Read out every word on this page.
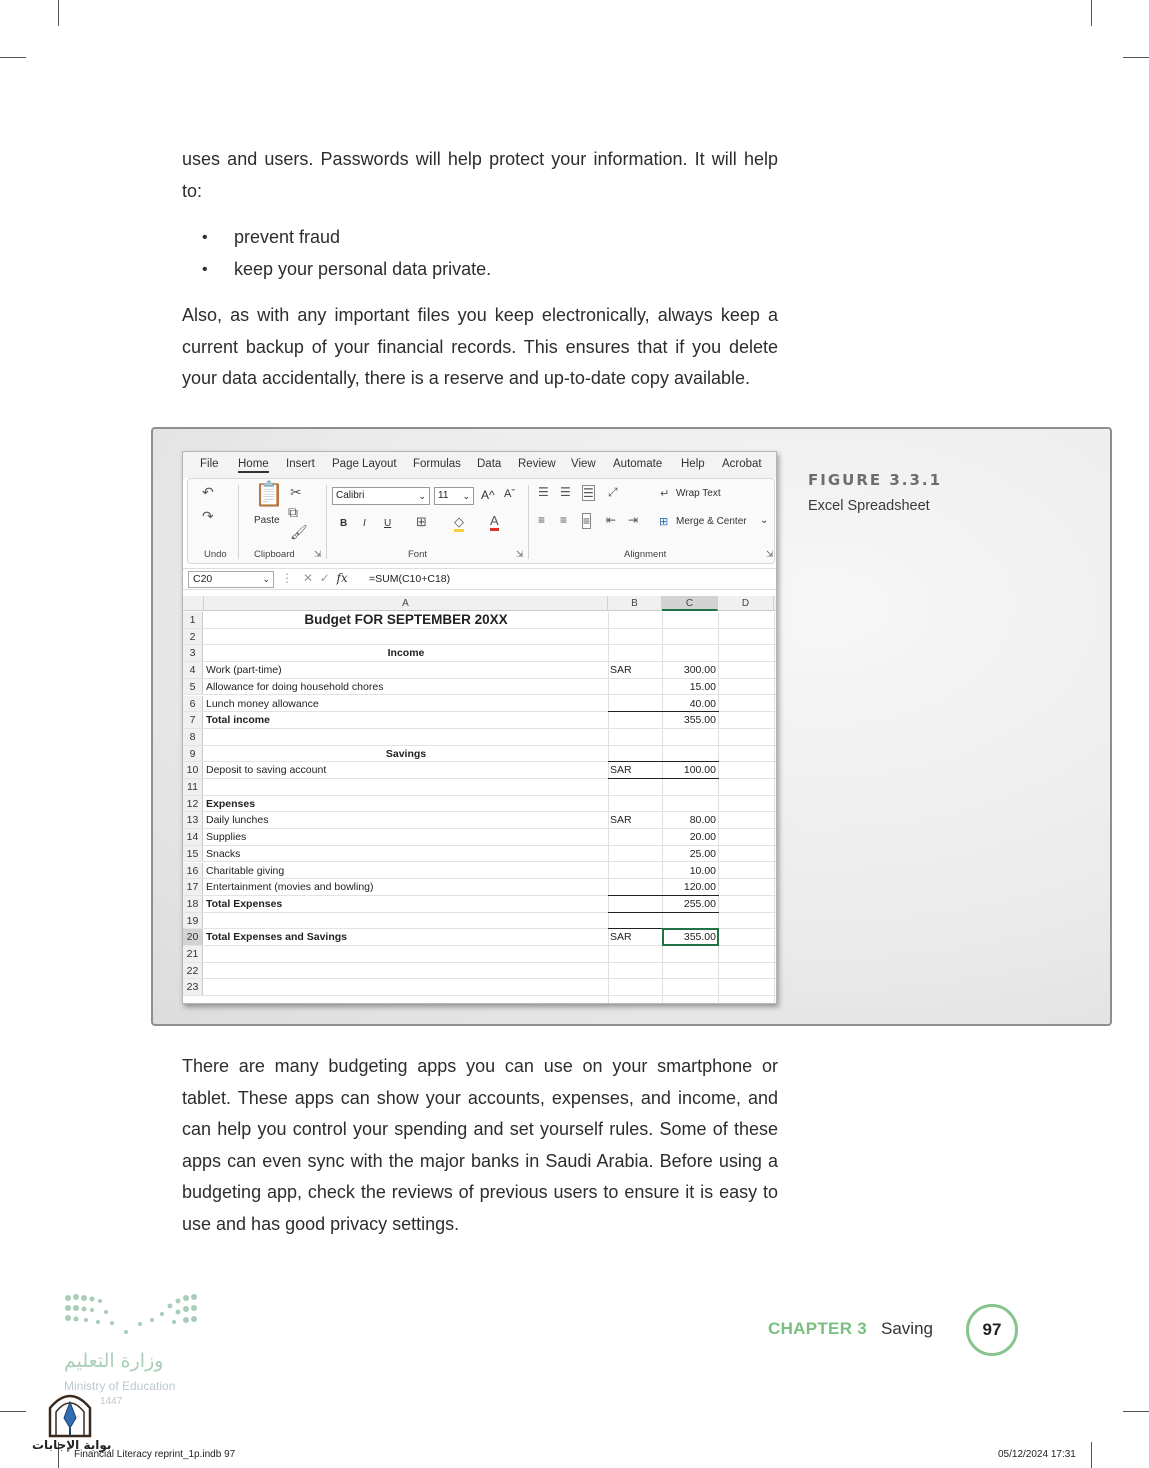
uses and users. Passwords will help protect your information. It will help to:

• prevent fraud
• keep your personal data private.

Also, as with any important files you keep electronically, always keep a current backup of your financial records. This ensures that if you delete your data accidentally, there is a reserve and up-to-date copy available.

FIGURE 3.3.1
Excel Spreadsheet
File Home Insert Page Layout Formulas Data Review View Automate Help Acrobat
↶
↷
Undo
📋
Paste
✂
⧉
🖌
Clipboard ⇲
Calibri	⌄	11 ⌄ A^ Aˇ
B I U ⊞ ◇ A
Font	⇲
☰ ☰ ☰ ⤢
≡ ≡ ≡ ⇤ ⇥
↵ Wrap Text
⊞ Merge & Center ⌄
Alignment	⇲
C20	⌄ ⋮ ✕ ✓ fx =SUM(C10+C18)
A	B	C	D
1	Budget FOR SEPTEMBER 20XX
2
3	Income
4	Work (part-time)	SAR	300.00
5	Allowance for doing household chores	15.00
6	Lunch money allowance	40.00
7	Total income	355.00
8
9	Savings
10 Deposit to saving account	SAR	100.00
11
12 Expenses
13 Daily lunches	SAR	80.00
14 Supplies	20.00
15 Snacks	25.00
16 Charitable giving	10.00
17 Entertainment (movies and bowling)	120.00
18 Total Expenses	255.00
19
20 Total Expenses and Savings	SAR	355.00
21
22
23

There are many budgeting apps you can use on your smartphone or tablet. These apps can show your accounts, expenses, and income, and can help you control your spending and set yourself rules. Some of these apps can even sync with the major banks in Saudi Arabia. Before using a budgeting app, check the reviews of previous users to ensure it is easy to use and has good privacy settings.

وزارة التعليم
Ministry of Education
1447
بوابة الإجابات
CHAPTER 3 Saving	97
Financial Literacy reprint_1p.indb 97	05/12/2024 17:31
